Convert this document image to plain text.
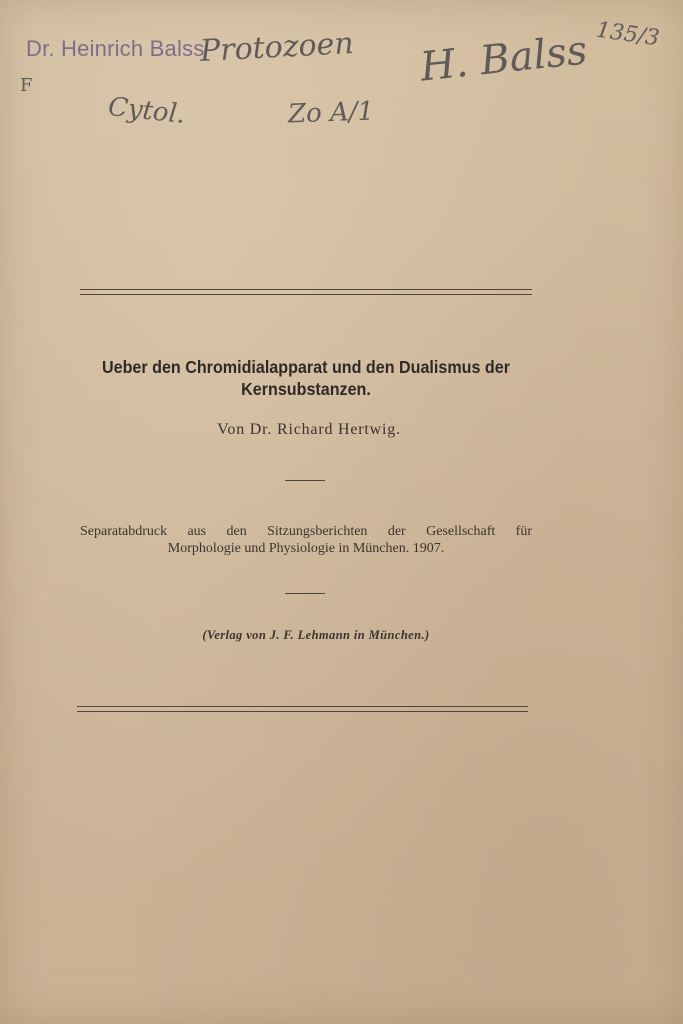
Dr. Heinrich Balss
Protozoen H. Balss 135/3
F
Cytol.	Zo A/1
Ueber den Chromidialapparat und den Dualismus der
Kernsubstanzen.
Von Dr. Richard Hertwig.
Separatabdruck aus den Sitzungsberichten der Gesellschaft für
Morphologie und Physiologie in München. 1907.
(Verlag von J. F. Lehmann in München.)
